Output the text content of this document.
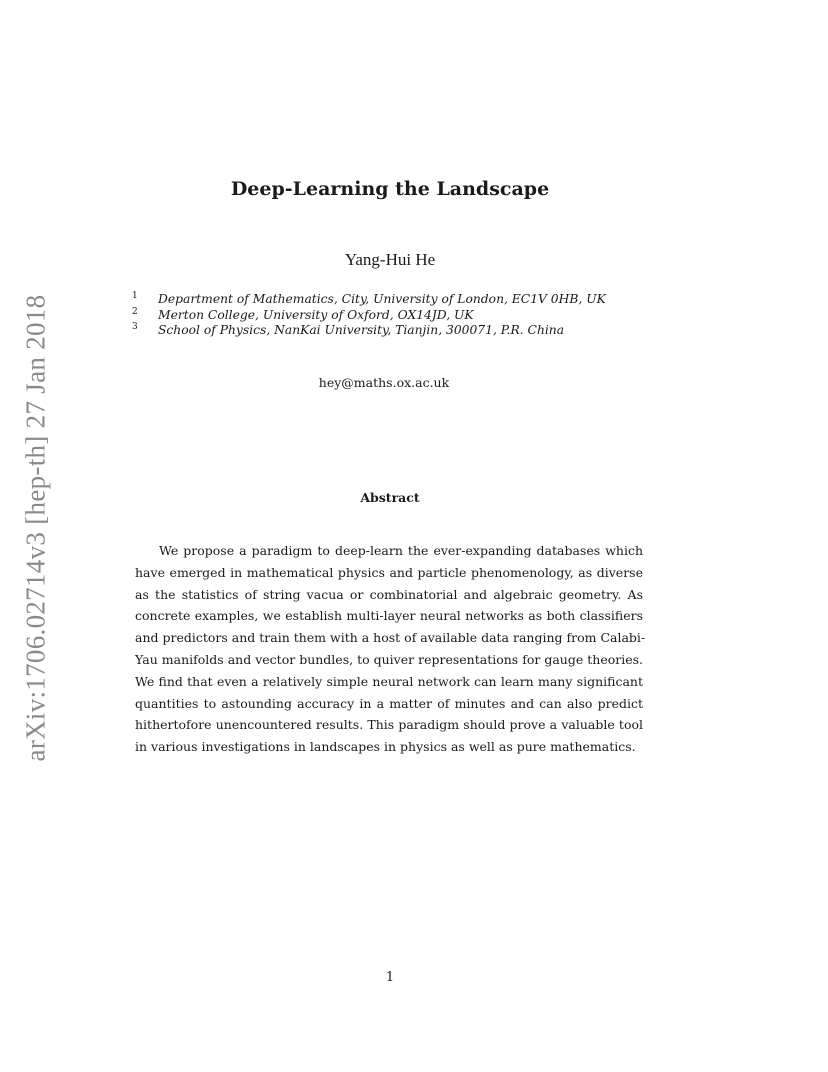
arXiv:1706.02714v3 [hep-th] 27 Jan 2018
Deep-Learning the Landscape
Yang-Hui He
1	Department of Mathematics, City, University of London, EC1V 0HB, UK
2	Merton College, University of Oxford, OX14JD, UK
3	School of Physics, NanKai University, Tianjin, 300071, P.R. China
hey@maths.ox.ac.uk
Abstract
We propose a paradigm to deep-learn the ever-expanding databases which
have emerged in mathematical physics and particle phenomenology, as diverse
as the statistics of string vacua or combinatorial and algebraic geometry. As
concrete examples, we establish multi-layer neural networks as both classifiers
and predictors and train them with a host of available data ranging from Calabi-
Yau manifolds and vector bundles, to quiver representations for gauge theories.
We find that even a relatively simple neural network can learn many significant
quantities to astounding accuracy in a matter of minutes and can also predict
hithertofore unencountered results. This paradigm should prove a valuable tool
in various investigations in landscapes in physics as well as pure mathematics.
1
